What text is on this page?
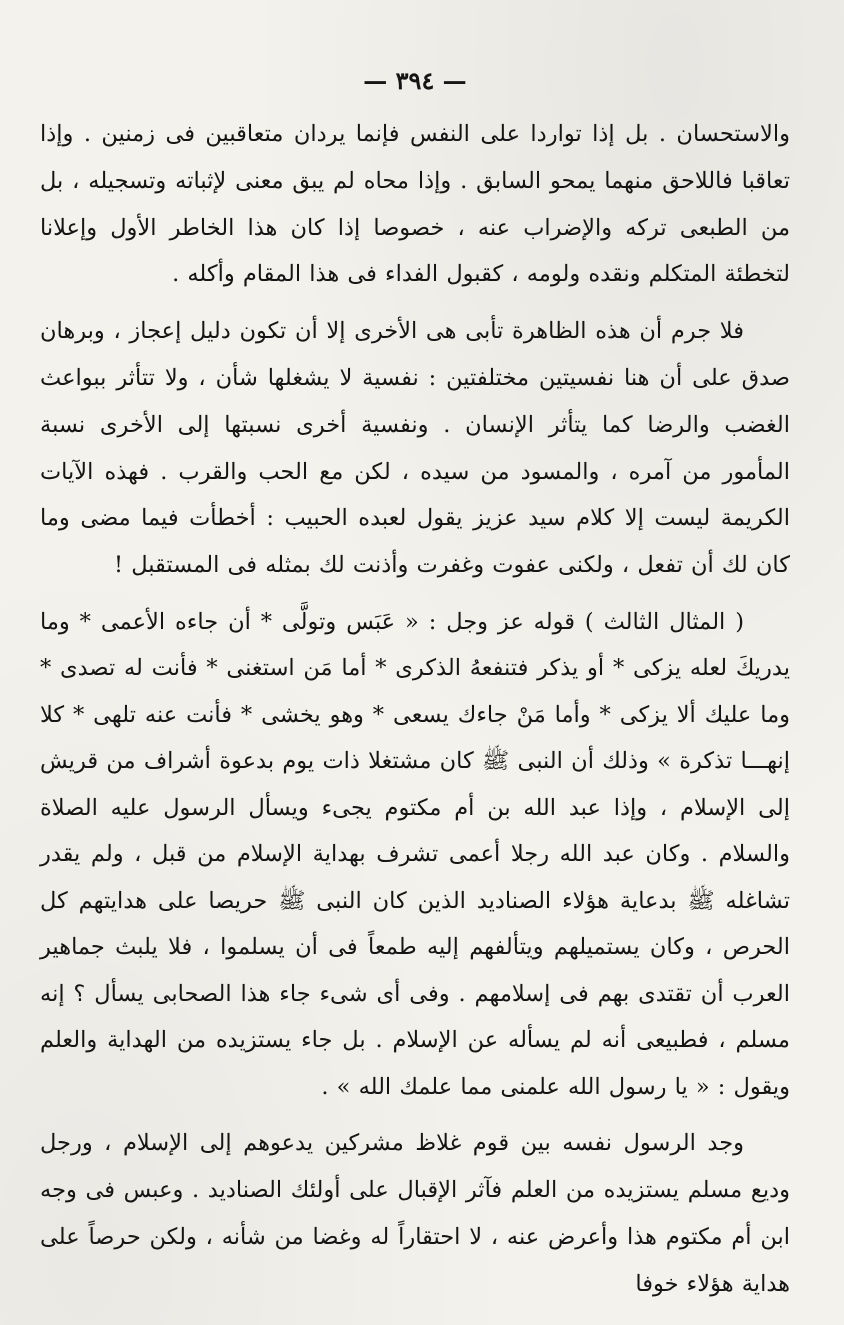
— ٣٩٤ —

والاستحسان . بل إذا تواردا على النفس فإنما يردان متعاقبين فى زمنين . وإذا تعاقبا فاللاحق منهما يمحو السابق . وإذا محاه لم يبق معنى لإثباته وتسجيله ، بل من الطبعى تركه والإضراب عنه ، خصوصا إذا كان هذا الخاطر الأول وإعلانا لتخطئة المتكلم ونقده ولومه ، كقبول الفداء فى هذا المقام وأكله .

فلا جرم أن هذه الظاهرة تأبى هى الأخرى إلا أن تكون دليل إعجاز ، وبرهان صدق على أن هنا نفسيتين مختلفتين : نفسية لا يشغلها شأن ، ولا تتأثر ببواعث الغضب والرضا كما يتأثر الإنسان . ونفسية أخرى نسبتها إلى الأخرى نسبة المأمور من آمره ، والمسود من سيده ، لكن مع الحب والقرب . فهذه الآيات الكريمة ليست إلا كلام سيد عزيز يقول لعبده الحبيب : أخطأت فيما مضى وما كان لك أن تفعل ، ولكنى عفوت وغفرت وأذنت لك بمثله فى المستقبل !

( المثال الثالث ) قوله عز وجل : « عَبَس وتولَّى * أن جاءه الأعمى * وما يدريكَ لعله يزكى * أو يذكر فتنفعهُ الذكرى * أما مَن استغنى * فأنت له تصدى * وما عليك ألا يزكى * وأما مَنْ جاءك يسعى * وهو يخشى * فأنت عنه تلهى * كلا إنهـــا تذكرة » وذلك أن النبى ﷺ كان مشتغلا ذات يوم بدعوة أشراف من قريش إلى الإسلام ، وإذا عبد الله بن أم مكتوم يجىء ويسأل الرسول عليه الصلاة والسلام . وكان عبد الله رجلا أعمى تشرف بهداية الإسلام من قبل ، ولم يقدر تشاغله ﷺ بدعاية هؤلاء الصناديد الذين كان النبى ﷺ حريصا على هدايتهم كل الحرص ، وكان يستميلهم ويتألفهم إليه طمعاً فى أن يسلموا ، فلا يلبث جماهير العرب أن تقتدى بهم فى إسلامهم . وفى أى شىء جاء هذا الصحابى يسأل ؟ إنه مسلم ، فطبيعى أنه لم يسأله عن الإسلام . بل جاء يستزيده من الهداية والعلم ويقول : « يا رسول الله علمنى مما علمك الله » .

وجد الرسول نفسه بين قوم غلاظ مشركين يدعوهم إلى الإسلام ، ورجل وديع مسلم يستزيده من العلم فآثر الإقبال على أولئك الصناديد . وعبس فى وجه ابن أم مكتوم هذا وأعرض عنه ، لا احتقاراً له وغضا من شأنه ، ولكن حرصاً على هداية هؤلاء خوفا
